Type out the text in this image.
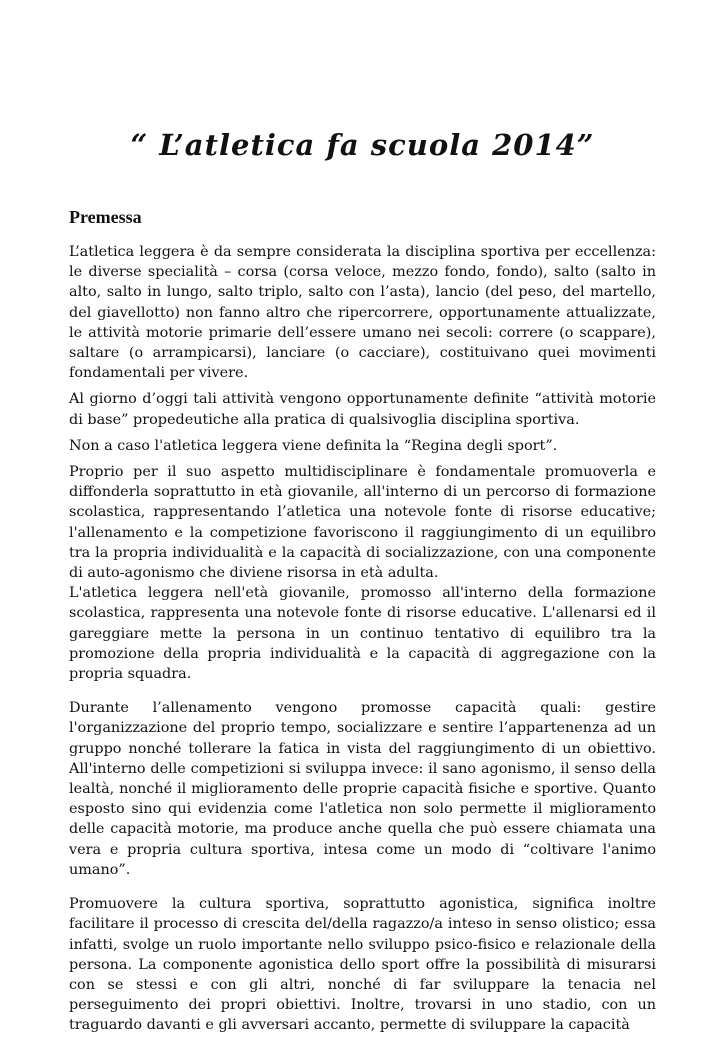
“ L’atletica fa scuola 2014”
Premessa

L’atletica leggera è da sempre considerata la disciplina sportiva per eccellenza: le diverse specialità – corsa (corsa veloce, mezzo fondo, fondo), salto (salto in alto, salto in lungo, salto triplo, salto con l’asta), lancio (del peso, del martello, del giavellotto) non fanno altro che ripercorrere, opportunamente attualizzate, le attività motorie primarie dell’essere umano nei secoli: correre (o scappare), saltare (o arrampicarsi), lanciare (o cacciare), costituivano quei movimenti fondamentali per vivere.

Al giorno d’oggi tali attività vengono opportunamente definite “attività motorie di base” propedeutiche alla pratica di qualsivoglia disciplina sportiva.

Non a caso l'atletica leggera viene definita la “Regina degli sport”.

Proprio per il suo aspetto multidisciplinare è fondamentale promuoverla e diffonderla soprattutto in età giovanile, all'interno di un percorso di formazione scolastica, rappresentando l’atletica una notevole fonte di risorse educative; l'allenamento e la competizione favoriscono il raggiungimento di un equilibro tra la propria individualità e la capacità di socializzazione, con una componente di auto-agonismo che diviene risorsa in età adulta.

L'atletica leggera nell'età giovanile, promosso all'interno della formazione scolastica, rappresenta una notevole fonte di risorse educative. L'allenarsi ed il gareggiare mette la persona in un continuo tentativo di equilibro tra la promozione della propria individualità e la capacità di aggregazione con la propria squadra.

Durante l’allenamento vengono promosse capacità quali: gestire l'organizzazione del proprio tempo, socializzare e sentire l’appartenenza ad un gruppo nonché tollerare la fatica in vista del raggiungimento di un obiettivo. All'interno delle competizioni si sviluppa invece: il sano agonismo, il senso della lealtà, nonché il miglioramento delle proprie capacità fisiche e sportive. Quanto esposto sino qui evidenzia come l'atletica non solo permette il miglioramento delle capacità motorie, ma produce anche quella che può essere chiamata una vera e propria cultura sportiva, intesa come un modo di “coltivare l'animo umano”.

Promuovere la cultura sportiva, soprattutto agonistica, significa inoltre facilitare il processo di crescita del/della ragazzo/a inteso in senso olistico; essa infatti, svolge un ruolo importante nello sviluppo psico-fisico e relazionale della persona. La componente agonistica dello sport offre la possibilità di misurarsi con se stessi e con gli altri, nonché di far sviluppare la tenacia nel perseguimento dei propri obiettivi. Inoltre, trovarsi in uno stadio, con un traguardo davanti e gli avversari accanto, permette di sviluppare la capacità
